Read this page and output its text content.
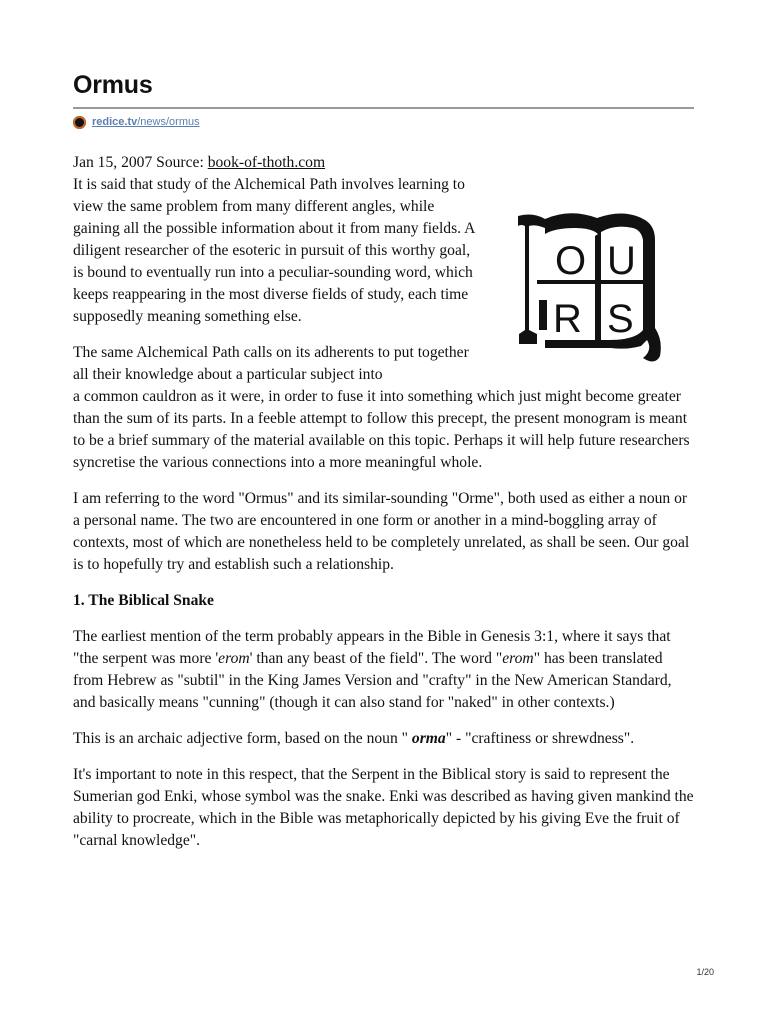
Ormus
redice.tv /news/ormus

Jan 15, 2007 Source: book-of-thoth.com
It is said that study of the Alchemical Path involves learning to view the same problem from many different angles, while gaining all the possible information about it from many fields. A diligent researcher of the esoteric in pursuit of this worthy goal, is bound to eventually run into a peculiar-sounding word, which keeps reappearing in the most diverse fields of study, each time supposedly meaning something else.

The same Alchemical Path calls on its adherents to put together all their knowledge about a particular subject into
a common cauldron as it were, in order to fuse it into something which just might become greater than the sum of its parts. In a feeble attempt to follow this precept, the present monogram is meant to be a brief summary of the material available on this topic. Perhaps it will help future researchers syncretise the various connections into a more meaningful whole.

I am referring to the word "Ormus" and its similar-sounding "Orme", both used as either a noun or a personal name. The two are encountered in one form or another in a mind-boggling array of contexts, most of which are nonetheless held to be completely unrelated, as shall be seen. Our goal is to hopefully try and establish such a relationship.

1. The Biblical Snake

The earliest mention of the term probably appears in the Bible in Genesis 3:1, where it says that "the serpent was more 'erom' than any beast of the field". The word "erom" has been translated from Hebrew as "subtil" in the King James Version and "crafty" in the New American Standard, and basically means "cunning" (though it can also stand for "naked" in other contexts.)

This is an archaic adjective form, based on the noun " orma" - "craftiness or shrewdness".

It's important to note in this respect, that the Serpent in the Biblical story is said to represent the Sumerian god Enki, whose symbol was the snake. Enki was described as having given mankind the ability to procreate, which in the Bible was metaphorically depicted by his giving Eve the fruit of "carnal knowledge".

O U
R S
1/20
